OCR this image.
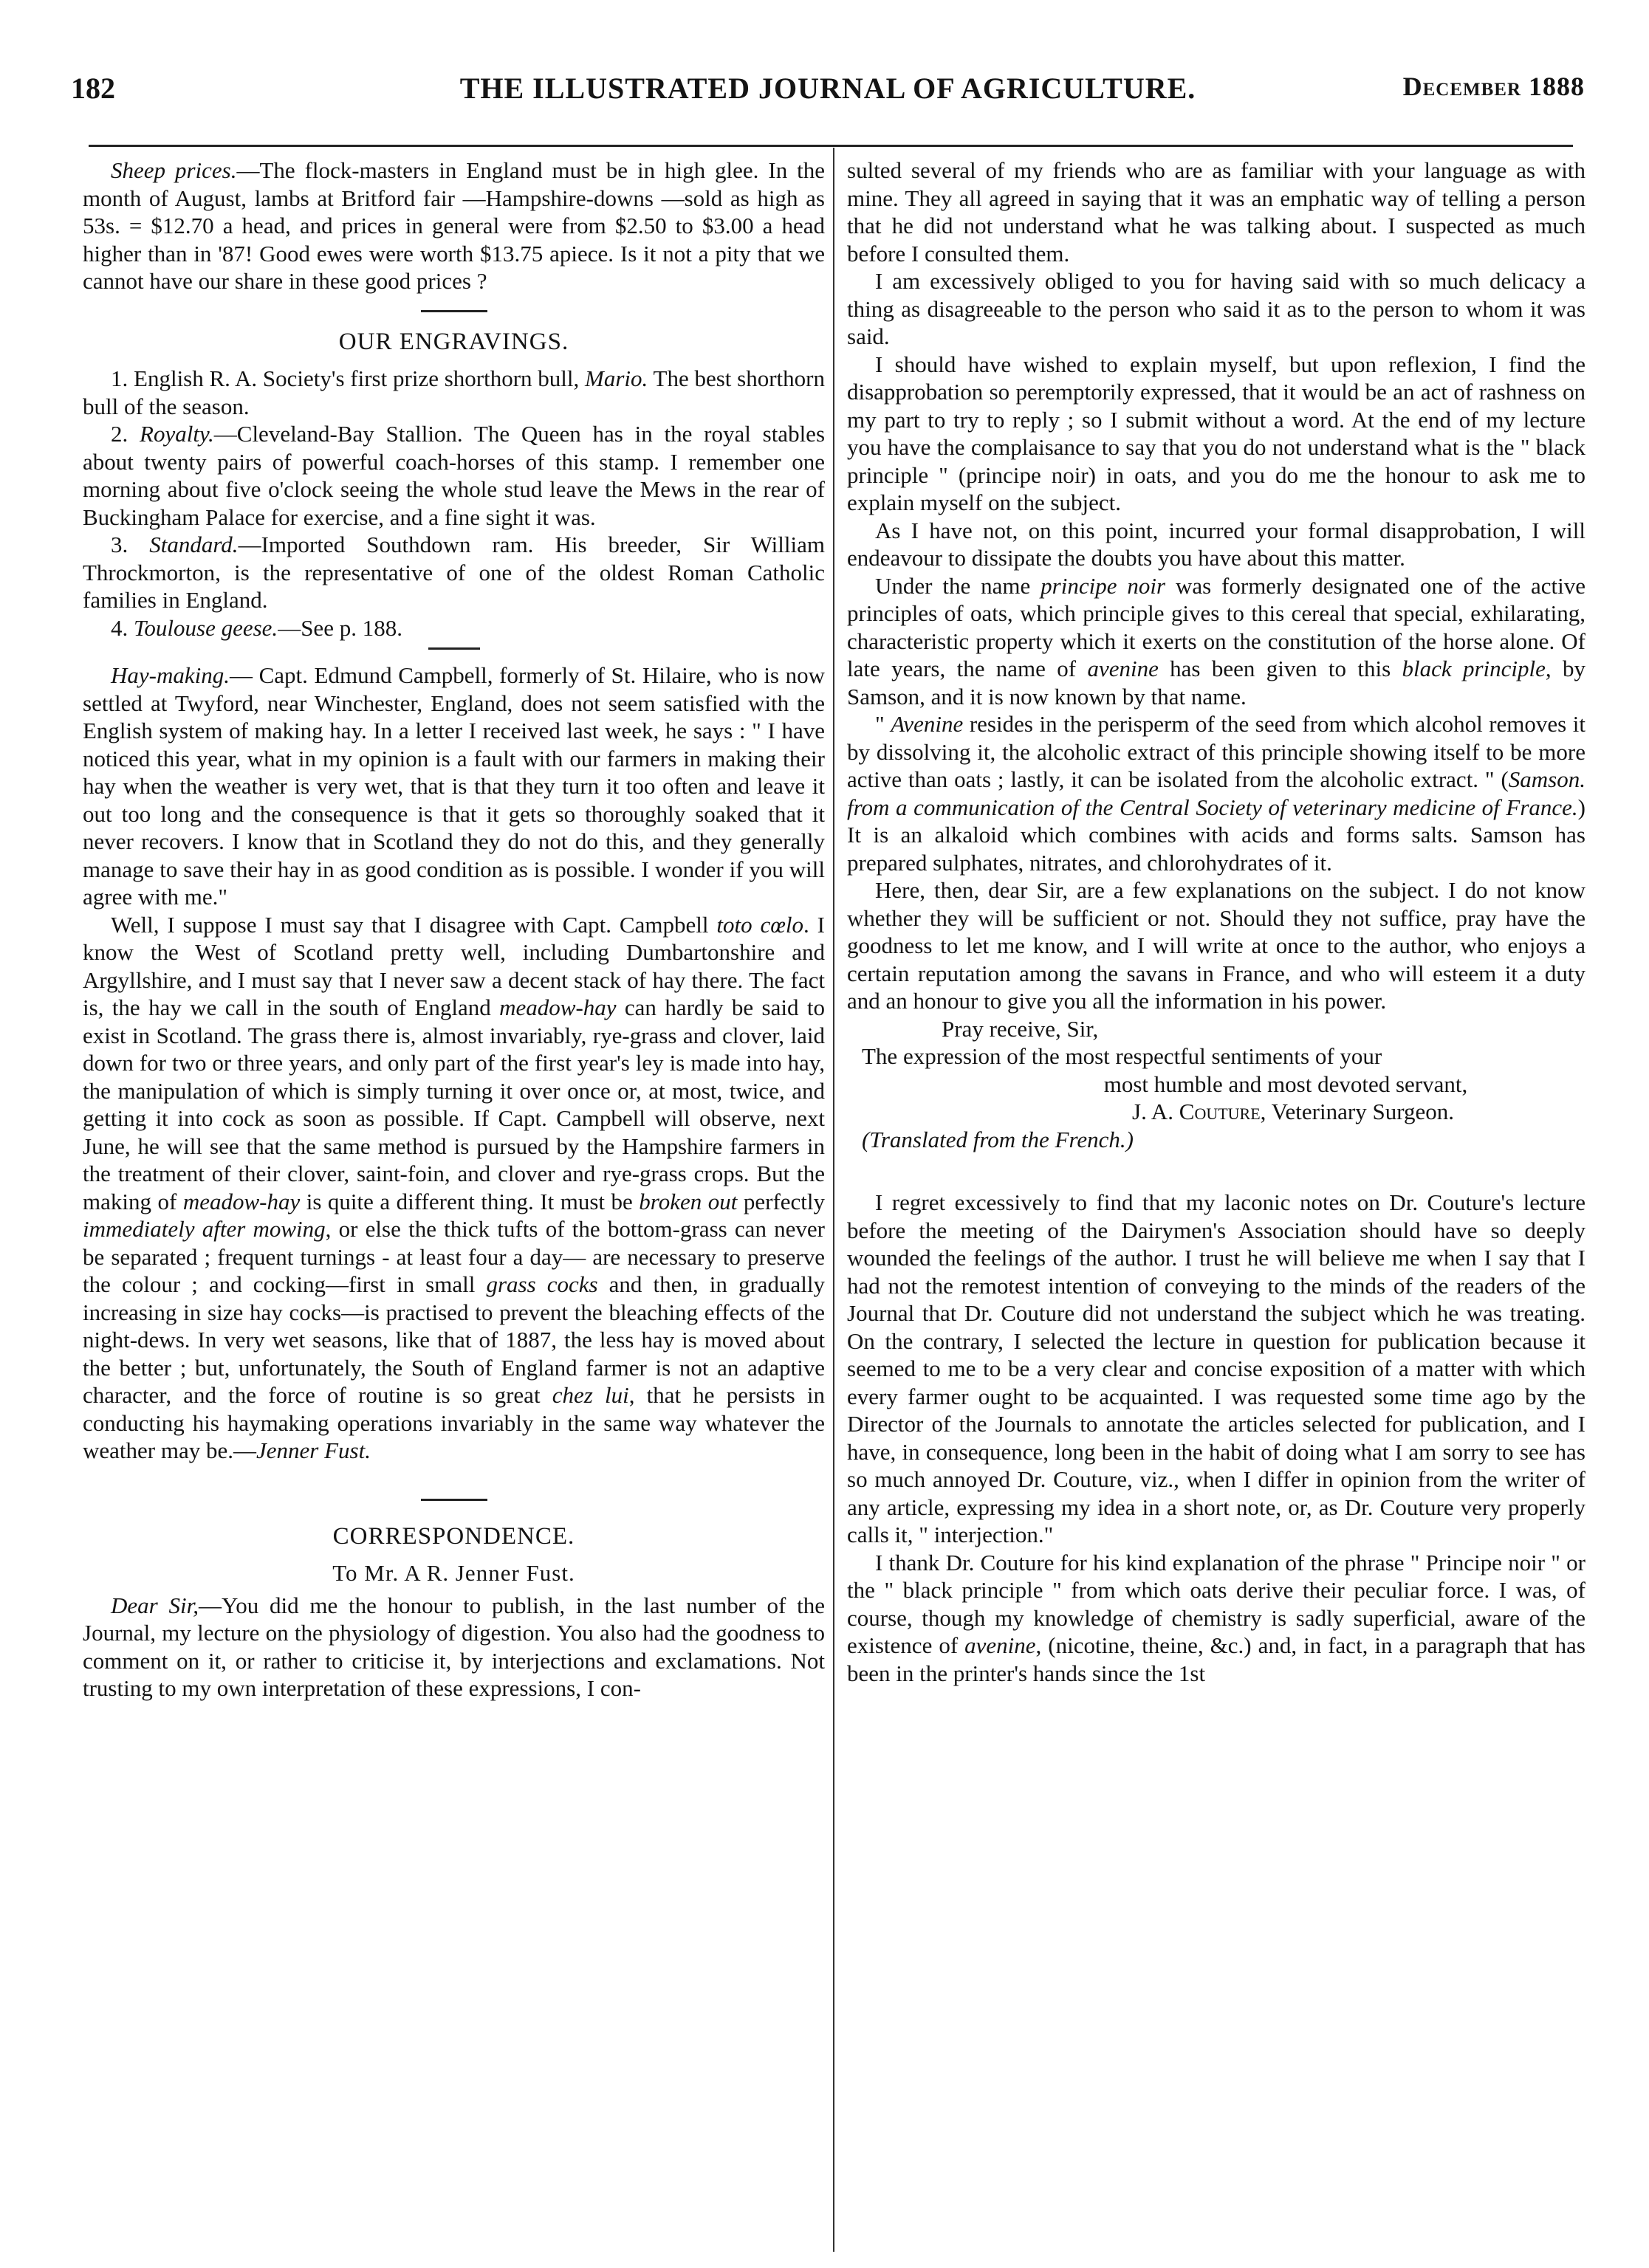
182	THE ILLUSTRATED JOURNAL OF AGRICULTURE.	December 1888

Sheep prices.—The flock-masters in England must be in high glee. In the month of August, lambs at Britford fair —Hampshire-downs —sold as high as 53s. = $12.70 a head, and prices in general were from $2.50 to $3.00 a head higher than in '87! Good ewes were worth $13.75 apiece. Is it not a pity that we cannot have our share in these good prices ?

OUR ENGRAVINGS.

1. English R. A. Society's first prize shorthorn bull, Mario. The best shorthorn bull of the season.

2. Royalty.—Cleveland-Bay Stallion. The Queen has in the royal stables about twenty pairs of powerful coach-horses of this stamp. I remember one morning about five o'clock seeing the whole stud leave the Mews in the rear of Buckingham Palace for exercise, and a fine sight it was.

3. Standard.—Imported Southdown ram. His breeder, Sir William Throckmorton, is the representative of one of the oldest Roman Catholic families in England.

4. Toulouse geese.—See p. 188.

Hay-making.— Capt. Edmund Campbell, formerly of St. Hilaire, who is now settled at Twyford, near Winchester, England, does not seem satisfied with the English system of making hay. In a letter I received last week, he says : " I have noticed this year, what in my opinion is a fault with our farmers in making their hay when the weather is very wet, that is that they turn it too often and leave it out too long and the consequence is that it gets so thoroughly soaked that it never recovers. I know that in Scotland they do not do this, and they generally manage to save their hay in as good condition as is possible. I wonder if you will agree with me."

Well, I suppose I must say that I disagree with Capt. Campbell toto cœlo. I know the West of Scotland pretty well, including Dumbartonshire and Argyllshire, and I must say that I never saw a decent stack of hay there. The fact is, the hay we call in the south of England meadow-hay can hardly be said to exist in Scotland. The grass there is, almost invariably, rye-grass and clover, laid down for two or three years, and only part of the first year's ley is made into hay, the manipulation of which is simply turning it over once or, at most, twice, and getting it into cock as soon as possible. If Capt. Campbell will observe, next June, he will see that the same method is pursued by the Hampshire farmers in the treatment of their clover, saint-foin, and clover and rye-grass crops. But the making of meadow-hay is quite a different thing. It must be broken out perfectly immediately after mowing, or else the thick tufts of the bottom-grass can never be separated ; frequent turnings - at least four a day— are necessary to preserve the colour ; and cocking—first in small grass cocks and then, in gradually increasing in size hay cocks—is practised to prevent the bleaching effects of the night-dews. In very wet seasons, like that of 1887, the less hay is moved about the better ; but, unfortunately, the South of England farmer is not an adaptive character, and the force of routine is so great chez lui, that he persists in conducting his haymaking operations invariably in the same way whatever the weather may be.—Jenner Fust.

CORRESPONDENCE.
To Mr. A R. Jenner Fust.

Dear Sir,—You did me the honour to publish, in the last number of the Journal, my lecture on the physiology of digestion. You also had the goodness to comment on it, or rather to criticise it, by interjections and exclamations. Not trusting to my own interpretation of these expressions, I con-

sulted several of my friends who are as familiar with your language as with mine. They all agreed in saying that it was an emphatic way of telling a person that he did not understand what he was talking about. I suspected as much before I consulted them.

I am excessively obliged to you for having said with so much delicacy a thing as disagreeable to the person who said it as to the person to whom it was said.

I should have wished to explain myself, but upon reflexion, I find the disapprobation so peremptorily expressed, that it would be an act of rashness on my part to try to reply ; so I submit without a word. At the end of my lecture you have the complaisance to say that you do not understand what is the " black principle " (principe noir) in oats, and you do me the honour to ask me to explain myself on the subject.

As I have not, on this point, incurred your formal disapprobation, I will endeavour to dissipate the doubts you have about this matter.

Under the name principe noir was formerly designated one of the active principles of oats, which principle gives to this cereal that special, exhilarating, characteristic property which it exerts on the constitution of the horse alone. Of late years, the name of avenine has been given to this black principle, by Samson, and it is now known by that name.

" Avenine resides in the perisperm of the seed from which alcohol removes it by dissolving it, the alcoholic extract of this principle showing itself to be more active than oats ; lastly, it can be isolated from the alcoholic extract. " (Samson. from a communication of the Central Society of veterinary medicine of France.) It is an alkaloid which combines with acids and forms salts. Samson has prepared sulphates, nitrates, and chlorohydrates of it.

Here, then, dear Sir, are a few explanations on the subject. I do not know whether they will be sufficient or not. Should they not suffice, pray have the goodness to let me know, and I will write at once to the author, who enjoys a certain reputation among the savans in France, and who will esteem it a duty and an honour to give you all the information in his power.

Pray receive, Sir,

The expression of the most respectful sentiments of your

most humble and most devoted servant,

J. A. Couture, Veterinary Surgeon.

(Translated from the French.)

I regret excessively to find that my laconic notes on Dr. Couture's lecture before the meeting of the Dairymen's Association should have so deeply wounded the feelings of the author. I trust he will believe me when I say that I had not the remotest intention of conveying to the minds of the readers of the Journal that Dr. Couture did not understand the subject which he was treating. On the contrary, I selected the lecture in question for publication because it seemed to me to be a very clear and concise exposition of a matter with which every farmer ought to be acquainted. I was requested some time ago by the Director of the Journals to annotate the articles selected for publication, and I have, in consequence, long been in the habit of doing what I am sorry to see has so much annoyed Dr. Couture, viz., when I differ in opinion from the writer of any article, expressing my idea in a short note, or, as Dr. Couture very properly calls it, " interjection."

I thank Dr. Couture for his kind explanation of the phrase " Principe noir " or the " black principle " from which oats derive their peculiar force. I was, of course, though my knowledge of chemistry is sadly superficial, aware of the existence of avenine, (nicotine, theine, &c.) and, in fact, in a paragraph that has been in the printer's hands since the 1st
